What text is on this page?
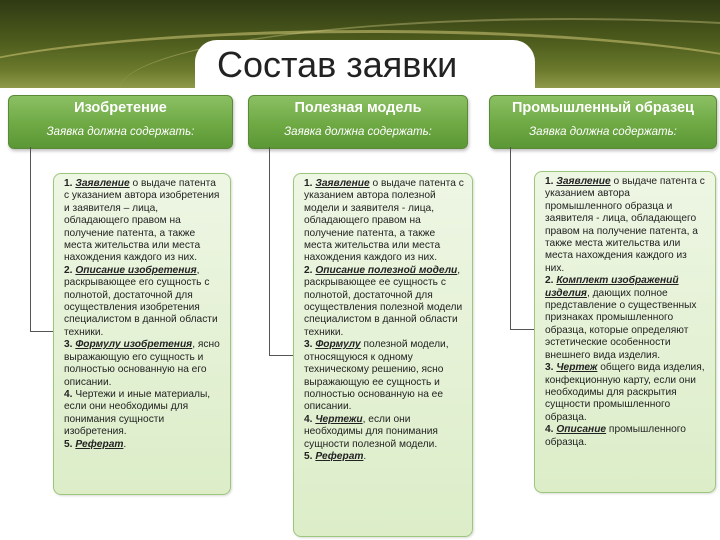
Состав заявки
Изобретение
Заявка должна содержать:
1. Заявление о выдаче патента с указанием автора изобретения и заявителя – лица, обладающего правом на получение патента, а также места жительства или места нахождения каждого из них.
2. Описание изобретения, раскрывающее его сущность с полнотой, достаточной для осуществления изобретения специалистом в данной области техники.
3. Формулу изобретения, ясно выражающую его сущность и полностью основанную на его описании.
4. Чертежи и иные материалы, если они необходимы для понимания сущности изобретения.
5. Реферат.
Полезная модель
Заявка должна содержать:
1. Заявление о выдаче патента с указанием автора полезной модели и заявителя - лица, обладающего правом на получение патента, а также места жительства или места нахождения каждого из них.
2. Описание полезной модели, раскрывающее ее сущность с полнотой, достаточной для осуществления полезной модели специалистом в данной области техники.
3. Формулу полезной модели, относящуюся к одному техническому решению, ясно выражающую ее сущность и полностью основанную на ее описании.
4. Чертежи, если они необходимы для понимания сущности полезной модели.
5. Реферат.
Промышленный образец
Заявка должна содержать:
1. Заявление о выдаче патента с указанием автора промышленного образца и заявителя - лица, обладающего правом на получение патента, а также места жительства или места нахождения каждого из них.
2. Комплект изображений изделия, дающих полное представление о существенных признаках промышленного образца, которые определяют эстетические особенности внешнего вида изделия.
3. Чертеж общего вида изделия, конфекционную карту, если они необходимы для раскрытия сущности промышленного образца.
4. Описание промышленного образца.
